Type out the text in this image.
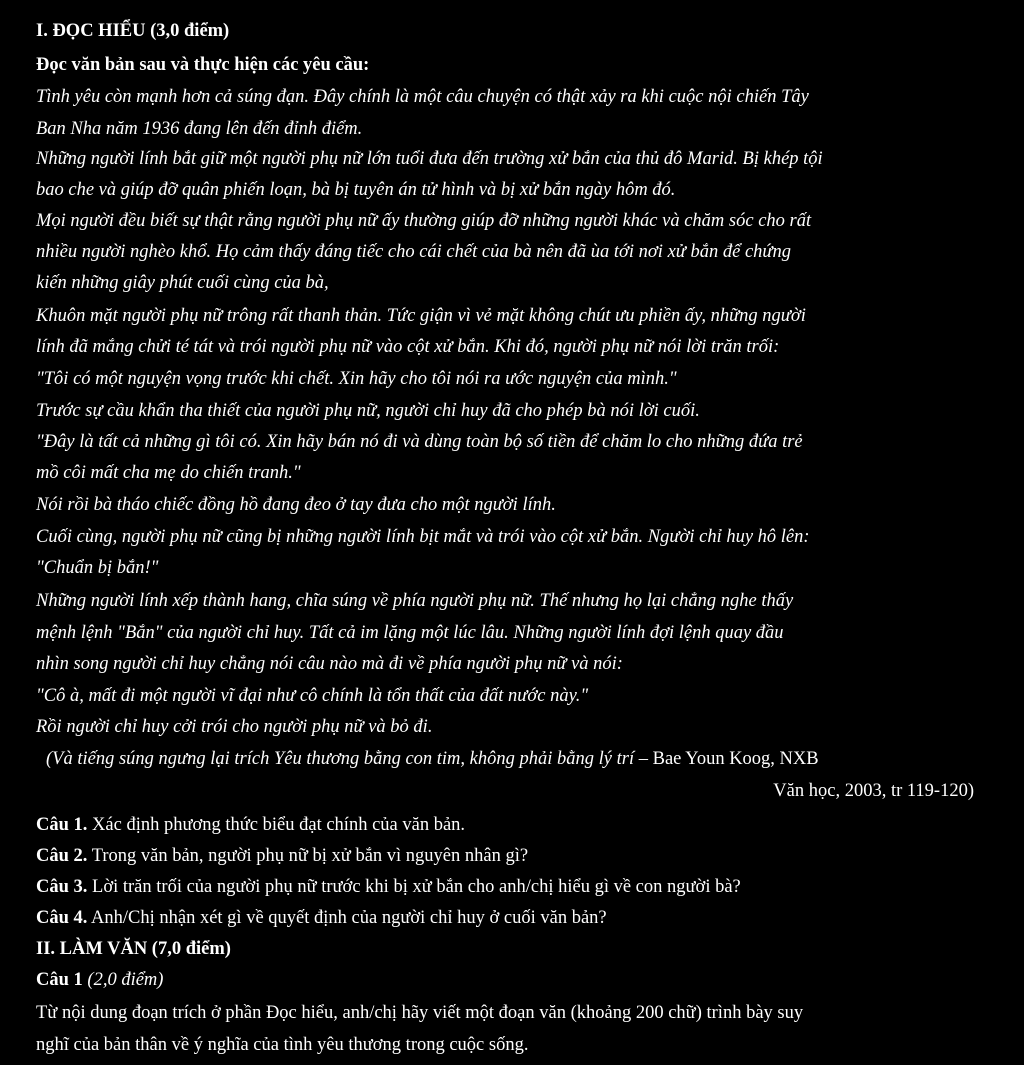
I. ĐỌC HIỂU (3,0 điểm)
Đọc văn bản sau và thực hiện các yêu cầu:
Tình yêu còn mạnh hơn cả súng đạn. Đây chính là một câu chuyện có thật xảy ra khi cuộc nội chiến Tây
Ban Nha năm 1936 đang lên đến đỉnh điểm.
Những người lính bắt giữ một người phụ nữ lớn tuổi đưa đến trường xử bắn của thủ đô Marid. Bị khép tội
bao che và giúp đỡ quân phiến loạn, bà bị tuyên án tử hình và bị xử bắn ngày hôm đó.
Mọi người đều biết sự thật rằng người phụ nữ ấy thường giúp đỡ những người khác và chăm sóc cho rất
nhiều người nghèo khổ. Họ cảm thấy đáng tiếc cho cái chết của bà nên đã ùa tới nơi xử bắn để chứng
kiến những giây phút cuối cùng của bà,
Khuôn mặt người phụ nữ trông rất thanh thản. Tức giận vì vẻ mặt không chút ưu phiền ấy, những người
lính đã mắng chửi té tát và trói người phụ nữ vào cột xử bắn. Khi đó, người phụ nữ nói lời trăn trối:
"Tôi có một nguyện vọng trước khi chết. Xin hãy cho tôi nói ra ước nguyện của mình."
Trước sự cầu khẩn tha thiết của người phụ nữ, người chỉ huy đã cho phép bà nói lời cuối.
"Đây là tất cả những gì tôi có. Xin hãy bán nó đi và dùng toàn bộ số tiền để chăm lo cho những đứa trẻ
mồ côi mất cha mẹ do chiến tranh."
Nói rồi bà tháo chiếc đồng hồ đang đeo ở tay đưa cho một người lính.
Cuối cùng, người phụ nữ cũng bị những người lính bịt mắt và trói vào cột xử bắn. Người chỉ huy hô lên:
"Chuẩn bị bắn!"
Những người lính xếp thành hang, chĩa súng về phía người phụ nữ. Thế nhưng họ lại chẳng nghe thấy
mệnh lệnh "Bắn" của người chỉ huy. Tất cả im lặng một lúc lâu. Những người lính đợi lệnh quay đầu
nhìn song người chỉ huy chẳng nói câu nào mà đi về phía người phụ nữ và nói:
"Cô à, mất đi một người vĩ đại như cô chính là tổn thất của đất nước này."
Rồi người chỉ huy cởi trói cho người phụ nữ và bỏ đi.
(Và tiếng súng ngưng lại trích Yêu thương bằng con tim, không phải bằng lý trí – Bae Youn Koog, NXB
Văn học, 2003, tr 119-120)
Câu 1. Xác định phương thức biểu đạt chính của văn bản.
Câu 2. Trong văn bản, người phụ nữ bị xử bắn vì nguyên nhân gì?
Câu 3. Lời trăn trối của người phụ nữ trước khi bị xử bắn cho anh/chị hiểu gì về con người bà?
Câu 4. Anh/Chị nhận xét gì về quyết định của người chỉ huy ở cuối văn bản?
II. LÀM VĂN (7,0 điểm)
Câu 1 (2,0 điểm)
Từ nội dung đoạn trích ở phần Đọc hiểu, anh/chị hãy viết một đoạn văn (khoảng 200 chữ) trình bày suy
nghĩ của bản thân về ý nghĩa của tình yêu thương trong cuộc sống.
